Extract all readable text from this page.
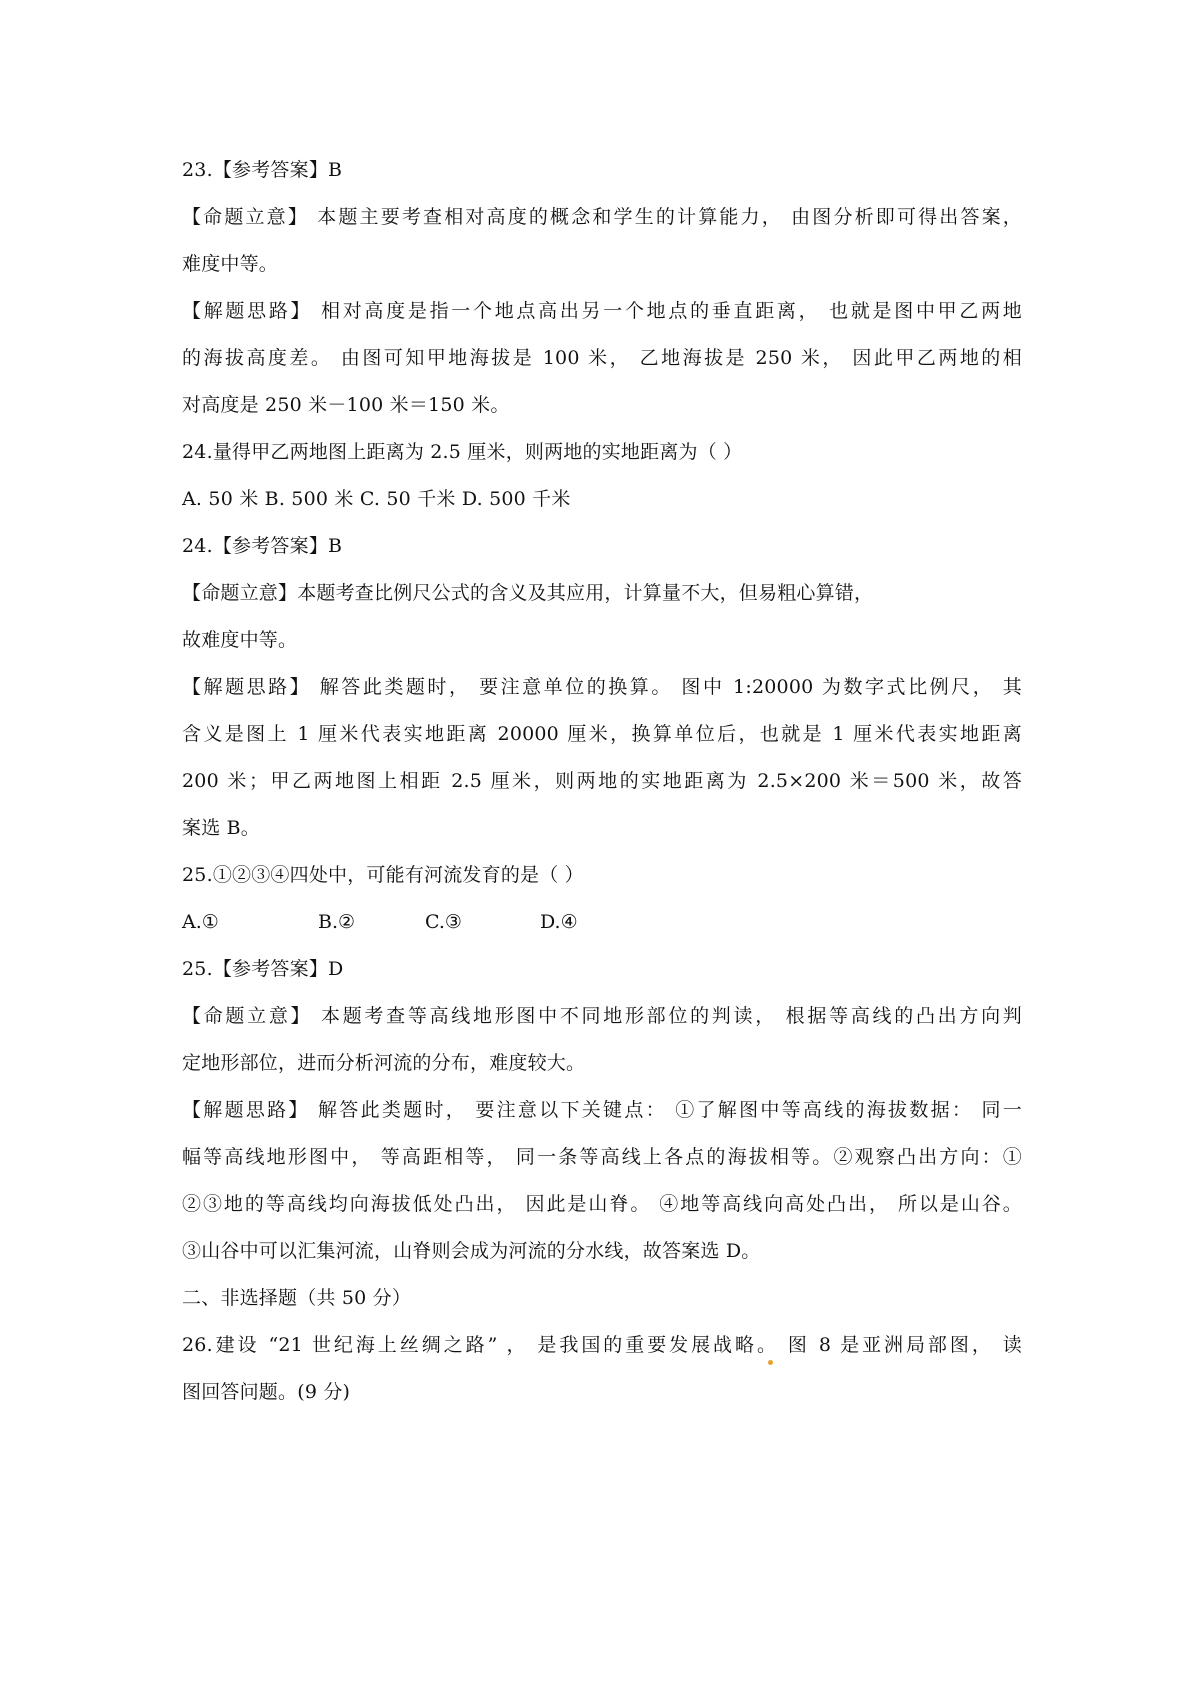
23.【参考答案】B
【命题立意】 本题主要考查相对高度的概念和学生的计算能力， 由图分析即可得出答案，
难度中等。
【解题思路】 相对高度是指一个地点高出另一个地点的垂直距离， 也就是图中甲乙两地
的海拔高度差。 由图可知甲地海拔是 100 米， 乙地海拔是 250 米， 因此甲乙两地的相
对高度是 250 米－100 米＝150 米。
24.量得甲乙两地图上距离为 2.5 厘米，则两地的实地距离为（ ）
A. 50 米 B. 500 米 C. 50 千米 D. 500 千米
24.【参考答案】B
【命题立意】本题考查比例尺公式的含义及其应用，计算量不大，但易粗心算错，
故难度中等。
【解题思路】 解答此类题时， 要注意单位的换算。 图中 1:20000 为数字式比例尺， 其
含义是图上 1 厘米代表实地距离 20000 厘米，换算单位后，也就是 1 厘米代表实地距离
200 米；甲乙两地图上相距 2.5 厘米，则两地的实地距离为 2.5×200 米＝500 米，故答
案选 B。
25.①②③④四处中，可能有河流发育的是（ ）
A.①	B.②	C.③	D.④
25.【参考答案】D
【命题立意】 本题考查等高线地形图中不同地形部位的判读， 根据等高线的凸出方向判
定地形部位，进而分析河流的分布，难度较大。
【解题思路】 解答此类题时， 要注意以下关键点： ①了解图中等高线的海拔数据： 同一
幅等高线地形图中， 等高距相等， 同一条等高线上各点的海拔相等。②观察凸出方向：①
②③地的等高线均向海拔低处凸出， 因此是山脊。 ④地等高线向高处凸出， 所以是山谷。
③山谷中可以汇集河流，山脊则会成为河流的分水线，故答案选 D。
二、非选择题（共 50 分）
26.建设 “21 世纪海上丝绸之路” ， 是我国的重要发展战略。 图 8 是亚洲局部图， 读
图回答问题。(9 分)
